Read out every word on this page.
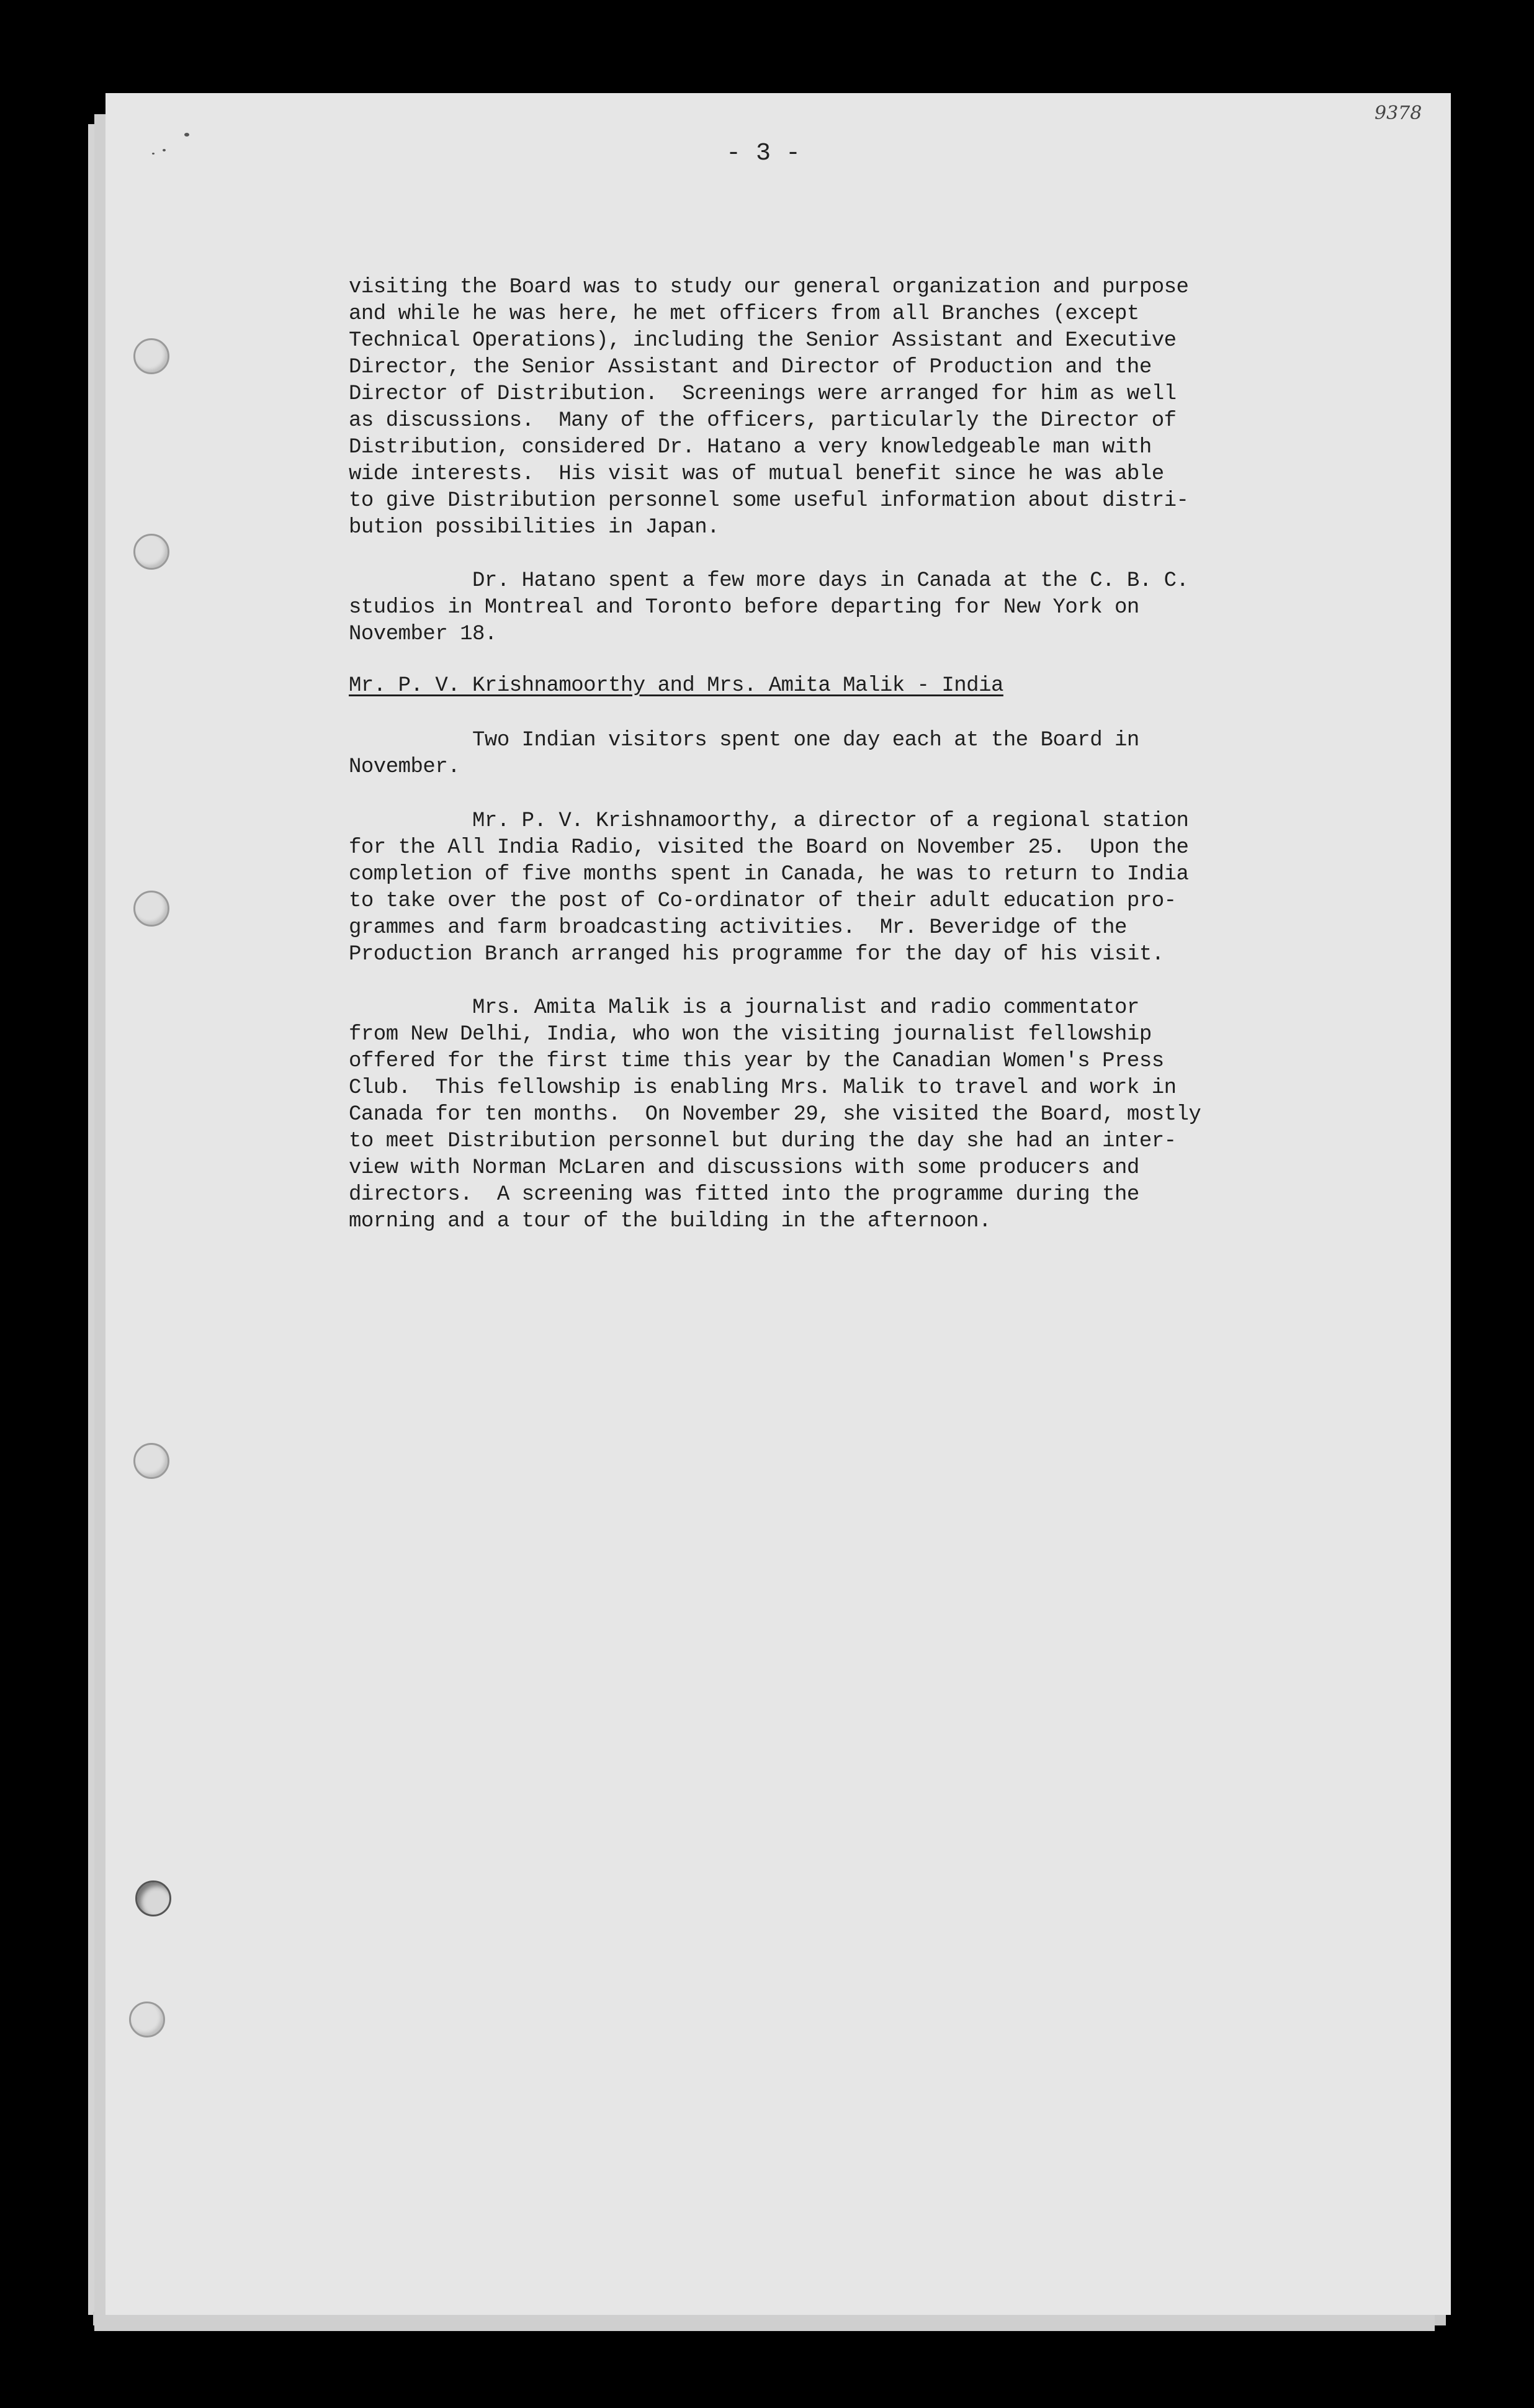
9378
- 3 -
visiting the Board was to study our general organization and purpose
and while he was here, he met officers from all Branches (except
Technical Operations), including the Senior Assistant and Executive
Director, the Senior Assistant and Director of Production and the
Director of Distribution.  Screenings were arranged for him as well
as discussions.  Many of the officers, particularly the Director of
Distribution, considered Dr. Hatano a very knowledgeable man with
wide interests.  His visit was of mutual benefit since he was able
to give Distribution personnel some useful information about distri-
bution possibilities in Japan.
Dr. Hatano spent a few more days in Canada at the C. B. C.
studios in Montreal and Toronto before departing for New York on
November 18.
Mr. P. V. Krishnamoorthy and Mrs. Amita Malik - India
Two Indian visitors spent one day each at the Board in
November.
Mr. P. V. Krishnamoorthy, a director of a regional station
for the All India Radio, visited the Board on November 25.  Upon the
completion of five months spent in Canada, he was to return to India
to take over the post of Co-ordinator of their adult education pro-
grammes and farm broadcasting activities.  Mr. Beveridge of the
Production Branch arranged his programme for the day of his visit.
Mrs. Amita Malik is a journalist and radio commentator
from New Delhi, India, who won the visiting journalist fellowship
offered for the first time this year by the Canadian Women's Press
Club.  This fellowship is enabling Mrs. Malik to travel and work in
Canada for ten months.  On November 29, she visited the Board, mostly
to meet Distribution personnel but during the day she had an inter-
view with Norman McLaren and discussions with some producers and
directors.  A screening was fitted into the programme during the
morning and a tour of the building in the afternoon.
